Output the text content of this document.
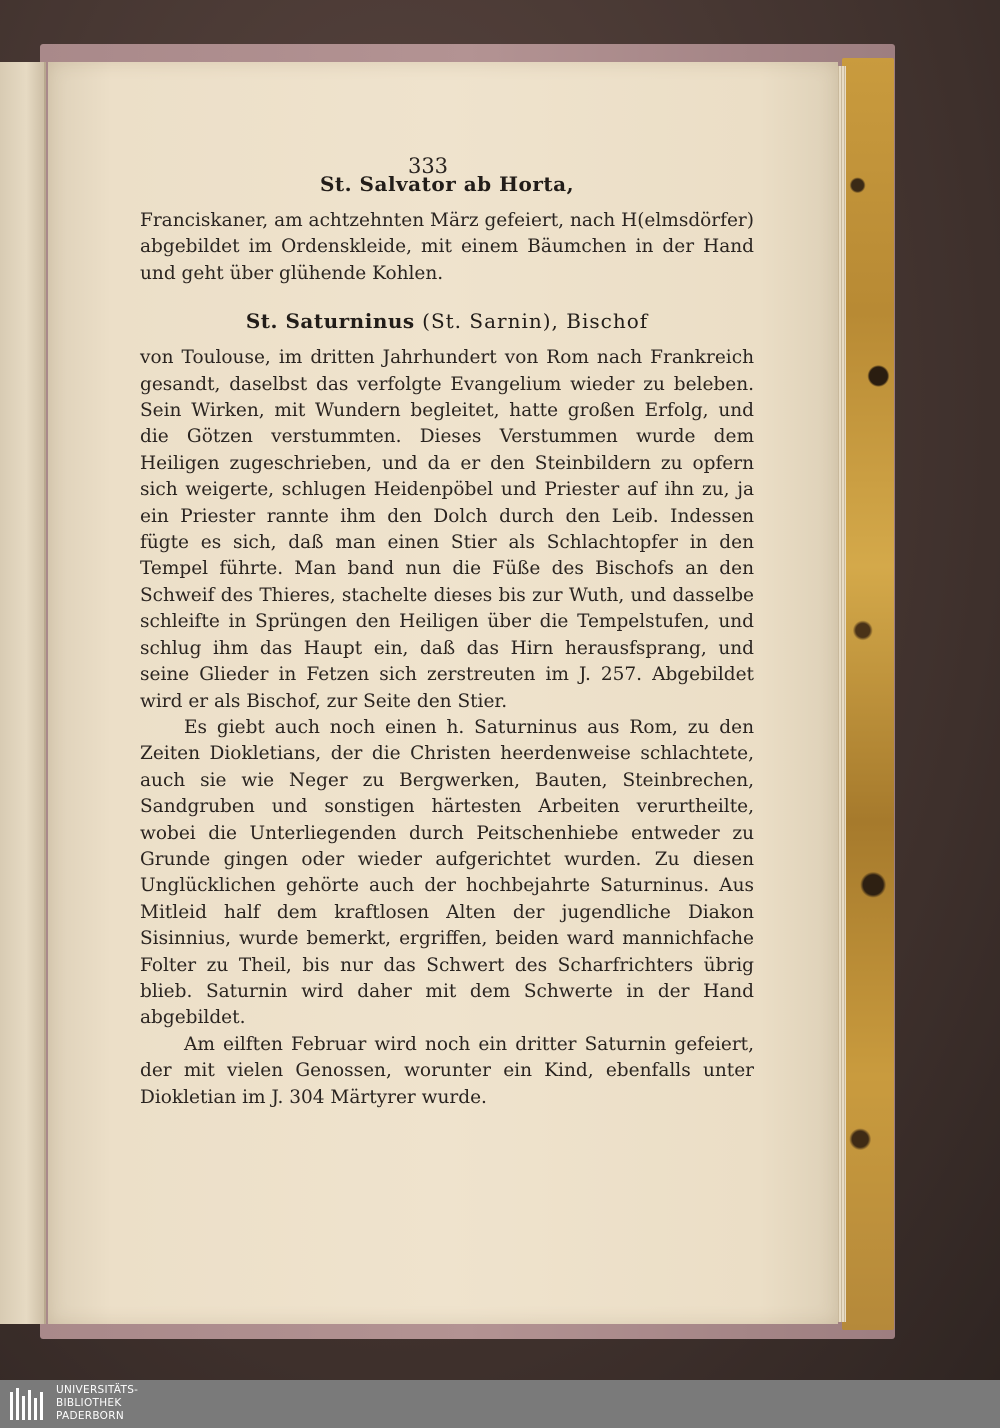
333

St. Salvator ab Horta,

Franciskaner, am achtzehnten März gefeiert, nach H(elmsdörfer) abgebildet im Ordenskleide, mit einem Bäumchen in der Hand und geht über glühende Kohlen.

St. Saturninus (St. Sarnin), Bischof

von Toulouse, im dritten Jahrhundert von Rom nach Frankreich gesandt, daselbst das verfolgte Evangelium wieder zu beleben. Sein Wirken, mit Wundern begleitet, hatte großen Erfolg, und die Götzen verstummten. Dieses Verstummen wurde dem Heiligen zugeschrieben, und da er den Steinbildern zu opfern sich weigerte, schlugen Heidenpöbel und Priester auf ihn zu, ja ein Priester rannte ihm den Dolch durch den Leib. Indessen fügte es sich, daß man einen Stier als Schlachtopfer in den Tempel führte. Man band nun die Füße des Bischofs an den Schweif des Thieres, stachelte dieses bis zur Wuth, und dasselbe schleifte in Sprüngen den Heiligen über die Tempelstufen, und schlug ihm das Haupt ein, daß das Hirn herausfsprang, und seine Glieder in Fetzen sich zerstreuten im J. 257. Abgebildet wird er als Bischof, zur Seite den Stier.

Es giebt auch noch einen h. Saturninus aus Rom, zu den Zeiten Diokletians, der die Christen heerdenweise schlachtete, auch sie wie Neger zu Bergwerken, Bauten, Steinbrechen, Sandgruben und sonstigen härtesten Arbeiten verurtheilte, wobei die Unterliegenden durch Peitschenhiebe entweder zu Grunde gingen oder wieder aufgerichtet wurden. Zu diesen Unglücklichen gehörte auch der hochbejahrte Saturninus. Aus Mitleid half dem kraftlosen Alten der jugendliche Diakon Sisinnius, wurde bemerkt, ergriffen, beiden ward mannichfache Folter zu Theil, bis nur das Schwert des Scharfrichters übrig blieb. Saturnin wird daher mit dem Schwerte in der Hand abgebildet.

Am eilften Februar wird noch ein dritter Saturnin gefeiert, der mit vielen Genossen, worunter ein Kind, ebenfalls unter Diokletian im J. 304 Märtyrer wurde.

UNIVERSITÄTS-
BIBLIOTHEK
PADERBORN
